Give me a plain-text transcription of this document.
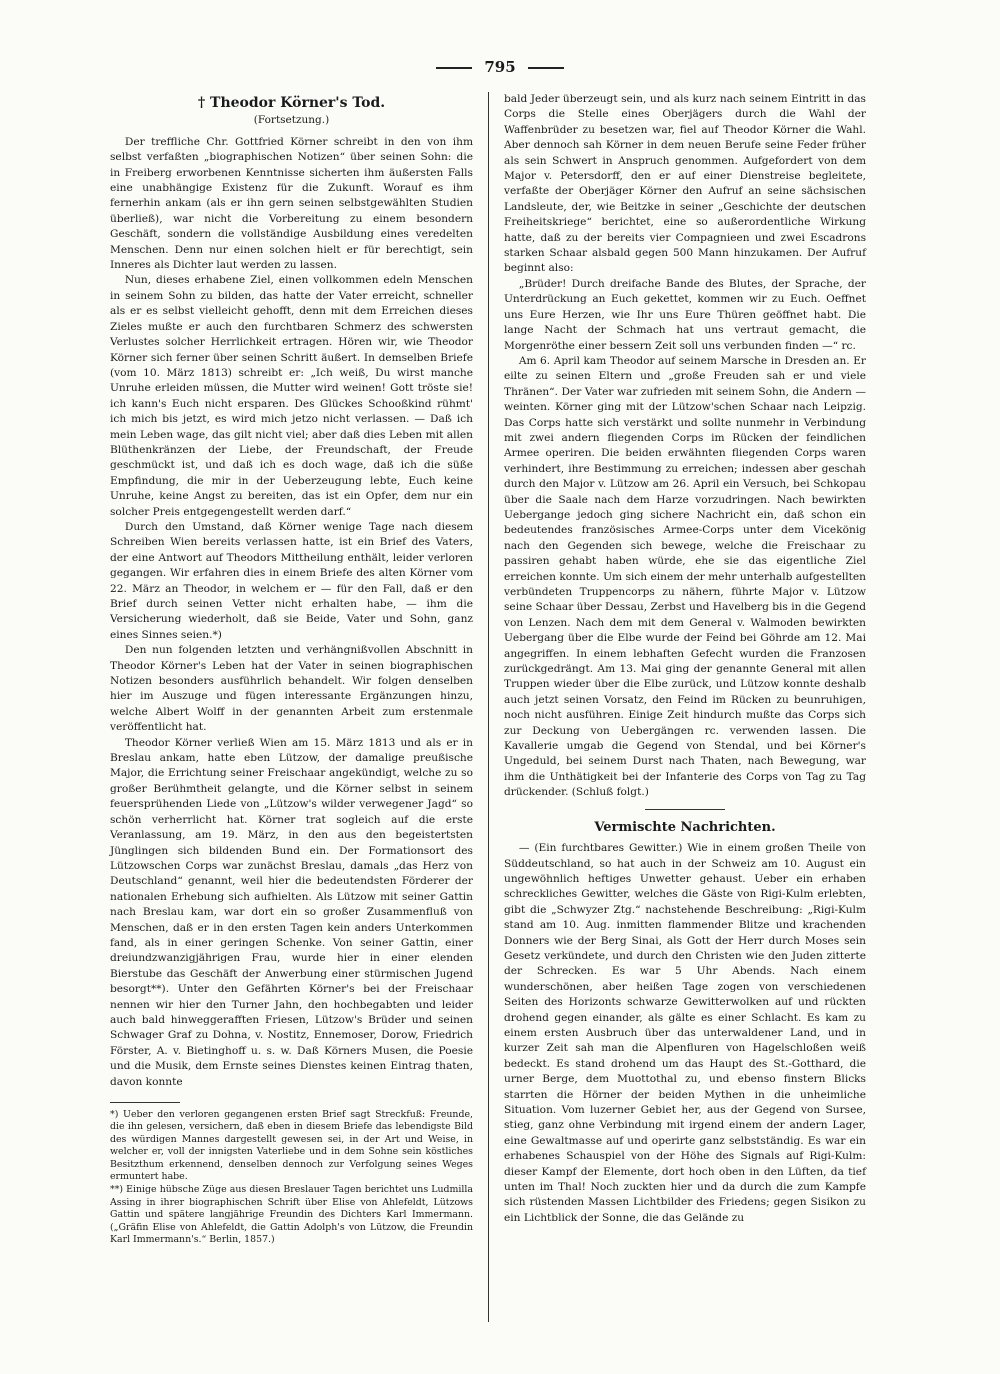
795
† Theodor Körner's Tod.
(Fortsetzung.)

Der treffliche Chr. Gottfried Körner schreibt in den von ihm selbst verfaßten „biographischen Notizen“ über seinen Sohn: die in Freiberg erworbenen Kenntnisse sicherten ihm äußersten Falls eine unabhängige Existenz für die Zukunft. Worauf es ihm fernerhin ankam (als er ihn gern seinen selbstgewählten Studien überließ), war nicht die Vorbereitung zu einem besondern Geschäft, sondern die vollständige Ausbildung eines veredelten Menschen. Denn nur einen solchen hielt er für berechtigt, sein Inneres als Dichter laut werden zu lassen.

Nun, dieses erhabene Ziel, einen vollkommen edeln Menschen in seinem Sohn zu bilden, das hatte der Vater erreicht, schneller als er es selbst vielleicht gehofft, denn mit dem Erreichen dieses Zieles mußte er auch den furchtbaren Schmerz des schwersten Verlustes solcher Herrlichkeit ertragen. Hören wir, wie Theodor Körner sich ferner über seinen Schritt äußert. In demselben Briefe (vom 10. März 1813) schreibt er: „Ich weiß, Du wirst manche Unruhe erleiden müssen, die Mutter wird weinen! Gott tröste sie! ich kann's Euch nicht ersparen. Des Glückes Schooßkind rühmt' ich mich bis jetzt, es wird mich jetzo nicht verlassen. — Daß ich mein Leben wage, das gilt nicht viel; aber daß dies Leben mit allen Blüthenkränzen der Liebe, der Freundschaft, der Freude geschmückt ist, und daß ich es doch wage, daß ich die süße Empfindung, die mir in der Ueberzeugung lebte, Euch keine Unruhe, keine Angst zu bereiten, das ist ein Opfer, dem nur ein solcher Preis entgegengestellt werden darf.“

Durch den Umstand, daß Körner wenige Tage nach diesem Schreiben Wien bereits verlassen hatte, ist ein Brief des Vaters, der eine Antwort auf Theodors Mittheilung enthält, leider verloren gegangen. Wir erfahren dies in einem Briefe des alten Körner vom 22. März an Theodor, in welchem er — für den Fall, daß er den Brief durch seinen Vetter nicht erhalten habe, — ihm die Versicherung wiederholt, daß sie Beide, Vater und Sohn, ganz eines Sinnes seien.*)

Den nun folgenden letzten und verhängnißvollen Abschnitt in Theodor Körner's Leben hat der Vater in seinen biographischen Notizen besonders ausführlich behandelt. Wir folgen denselben hier im Auszuge und fügen interessante Ergänzungen hinzu, welche Albert Wolff in der genannten Arbeit zum erstenmale veröffentlicht hat.

Theodor Körner verließ Wien am 15. März 1813 und als er in Breslau ankam, hatte eben Lützow, der damalige preußische Major, die Errichtung seiner Freischaar angekündigt, welche zu so großer Berühmtheit gelangte, und die Körner selbst in seinem feuersprühenden Liede von „Lützow's wilder verwegener Jagd“ so schön verherrlicht hat. Körner trat sogleich auf die erste Veranlassung, am 19. März, in den aus den begeistertsten Jünglingen sich bildenden Bund ein. Der Formationsort des Lützowschen Corps war zunächst Breslau, damals „das Herz von Deutschland“ genannt, weil hier die bedeutendsten Förderer der nationalen Erhebung sich aufhielten. Als Lützow mit seiner Gattin nach Breslau kam, war dort ein so großer Zusammenfluß von Menschen, daß er in den ersten Tagen kein anders Unterkommen fand, als in einer geringen Schenke. Von seiner Gattin, einer dreiundzwanzigjährigen Frau, wurde hier in einer elenden Bierstube das Geschäft der Anwerbung einer stürmischen Jugend besorgt**). Unter den Gefährten Körner's bei der Freischaar nennen wir hier den Turner Jahn, den hochbegabten und leider auch bald hinweggerafften Friesen, Lützow's Brüder und seinen Schwager Graf zu Dohna, v. Nostitz, Ennemoser, Dorow, Friedrich Förster, A. v. Bietinghoff u. s. w. Daß Körners Musen, die Poesie und die Musik, dem Ernste seines Dienstes keinen Eintrag thaten, davon konnte

*) Ueber den verloren gegangenen ersten Brief sagt Streckfuß: Freunde, die ihn gelesen, versichern, daß eben in diesem Briefe das lebendigste Bild des würdigen Mannes dargestellt gewesen sei, in der Art und Weise, in welcher er, voll der innigsten Vaterliebe und in dem Sohne sein köstliches Besitzthum erkennend, denselben dennoch zur Verfolgung seines Weges ermuntert habe.

**) Einige hübsche Züge aus diesen Breslauer Tagen berichtet uns Ludmilla Assing in ihrer biographischen Schrift über Elise von Ahlefeldt, Lützows Gattin und spätere langjährige Freundin des Dichters Karl Immermann. („Gräfin Elise von Ahlefeldt, die Gattin Adolph's von Lützow, die Freundin Karl Immermann's.“ Berlin, 1857.)

bald Jeder überzeugt sein, und als kurz nach seinem Eintritt in das Corps die Stelle eines Oberjägers durch die Wahl der Waffenbrüder zu besetzen war, fiel auf Theodor Körner die Wahl. Aber dennoch sah Körner in dem neuen Berufe seine Feder früher als sein Schwert in Anspruch genommen. Aufgefordert von dem Major v. Petersdorff, den er auf einer Dienstreise begleitete, verfaßte der Oberjäger Körner den Aufruf an seine sächsischen Landsleute, der, wie Beitzke in seiner „Geschichte der deutschen Freiheitskriege“ berichtet, eine so außerordentliche Wirkung hatte, daß zu der bereits vier Compagnieen und zwei Escadrons starken Schaar alsbald gegen 500 Mann hinzukamen. Der Aufruf beginnt also:

„Brüder! Durch dreifache Bande des Blutes, der Sprache, der Unterdrückung an Euch gekettet, kommen wir zu Euch. Oeffnet uns Eure Herzen, wie Ihr uns Eure Thüren geöffnet habt. Die lange Nacht der Schmach hat uns vertraut gemacht, die Morgenröthe einer bessern Zeit soll uns verbunden finden —“ rc.

Am 6. April kam Theodor auf seinem Marsche in Dresden an. Er eilte zu seinen Eltern und „große Freuden sah er und viele Thränen“. Der Vater war zufrieden mit seinem Sohn, die Andern — weinten. Körner ging mit der Lützow'schen Schaar nach Leipzig. Das Corps hatte sich verstärkt und sollte nunmehr in Verbindung mit zwei andern fliegenden Corps im Rücken der feindlichen Armee operiren. Die beiden erwähnten fliegenden Corps waren verhindert, ihre Bestimmung zu erreichen; indessen aber geschah durch den Major v. Lützow am 26. April ein Versuch, bei Schkopau über die Saale nach dem Harze vorzudringen. Nach bewirkten Uebergange jedoch ging sichere Nachricht ein, daß schon ein bedeutendes französisches Armee-Corps unter dem Vicekönig nach den Gegenden sich bewege, welche die Freischaar zu passiren gehabt haben würde, ehe sie das eigentliche Ziel erreichen konnte. Um sich einem der mehr unterhalb aufgestellten verbündeten Truppencorps zu nähern, führte Major v. Lützow seine Schaar über Dessau, Zerbst und Havelberg bis in die Gegend von Lenzen. Nach dem mit dem General v. Walmoden bewirkten Uebergang über die Elbe wurde der Feind bei Göhrde am 12. Mai angegriffen. In einem lebhaften Gefecht wurden die Franzosen zurückgedrängt. Am 13. Mai ging der genannte General mit allen Truppen wieder über die Elbe zurück, und Lützow konnte deshalb auch jetzt seinen Vorsatz, den Feind im Rücken zu beunruhigen, noch nicht ausführen. Einige Zeit hindurch mußte das Corps sich zur Deckung von Uebergängen rc. verwenden lassen. Die Kavallerie umgab die Gegend von Stendal, und bei Körner's Ungeduld, bei seinem Durst nach Thaten, nach Bewegung, war ihm die Unthätigkeit bei der Infanterie des Corps von Tag zu Tag drückender. (Schluß folgt.)

Vermischte Nachrichten.

— (Ein furchtbares Gewitter.) Wie in einem großen Theile von Süddeutschland, so hat auch in der Schweiz am 10. August ein ungewöhnlich heftiges Unwetter gehaust. Ueber ein erhaben schreckliches Gewitter, welches die Gäste von Rigi-Kulm erlebten, gibt die „Schwyzer Ztg.“ nachstehende Beschreibung: „Rigi-Kulm stand am 10. Aug. inmitten flammender Blitze und krachenden Donners wie der Berg Sinai, als Gott der Herr durch Moses sein Gesetz verkündete, und durch den Christen wie den Juden zitterte der Schrecken. Es war 5 Uhr Abends. Nach einem wunderschönen, aber heißen Tage zogen von verschiedenen Seiten des Horizonts schwarze Gewitterwolken auf und rückten drohend gegen einander, als gälte es einer Schlacht. Es kam zu einem ersten Ausbruch über das unterwaldener Land, und in kurzer Zeit sah man die Alpenfluren von Hagelschloßen weiß bedeckt. Es stand drohend um das Haupt des St.-Gotthard, die urner Berge, dem Muottothal zu, und ebenso finstern Blicks starrten die Hörner der beiden Mythen in die unheimliche Situation. Vom luzerner Gebiet her, aus der Gegend von Sursee, stieg, ganz ohne Verbindung mit irgend einem der andern Lager, eine Gewaltmasse auf und operirte ganz selbstständig. Es war ein erhabenes Schauspiel von der Höhe des Signals auf Rigi-Kulm: dieser Kampf der Elemente, dort hoch oben in den Lüften, da tief unten im Thal! Noch zuckten hier und da durch die zum Kampfe sich rüstenden Massen Lichtbilder des Friedens; gegen Sisikon zu ein Lichtblick der Sonne, die das Gelände zu
